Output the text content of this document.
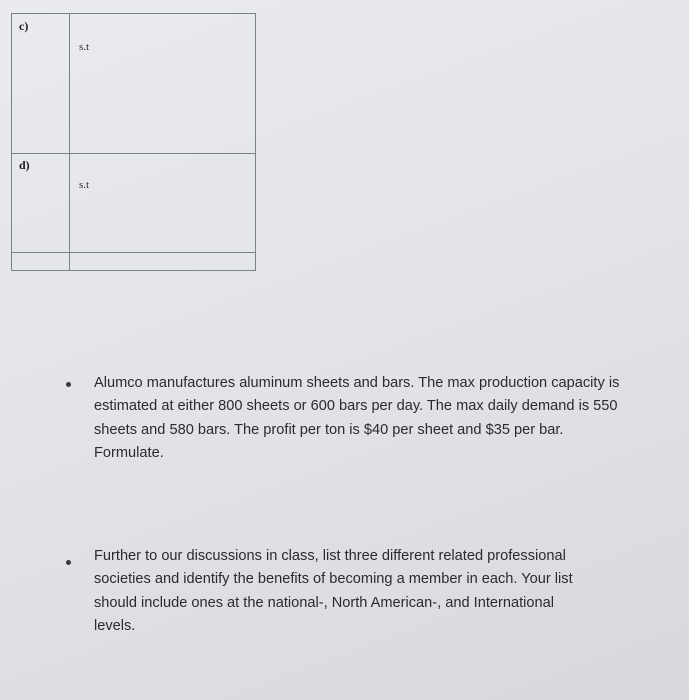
c)
s.t
d)
s.t

Alumco manufactures aluminum sheets and bars. The max production capacity is
estimated at either 800 sheets or 600 bars per day. The max daily demand is 550
sheets and 580 bars. The profit per ton is $40 per sheet and $35 per bar.
Formulate.

Further to our discussions in class, list three different related professional
societies and identify the benefits of becoming a member in each. Your list
should include ones at the national-, North American-, and International
levels.
